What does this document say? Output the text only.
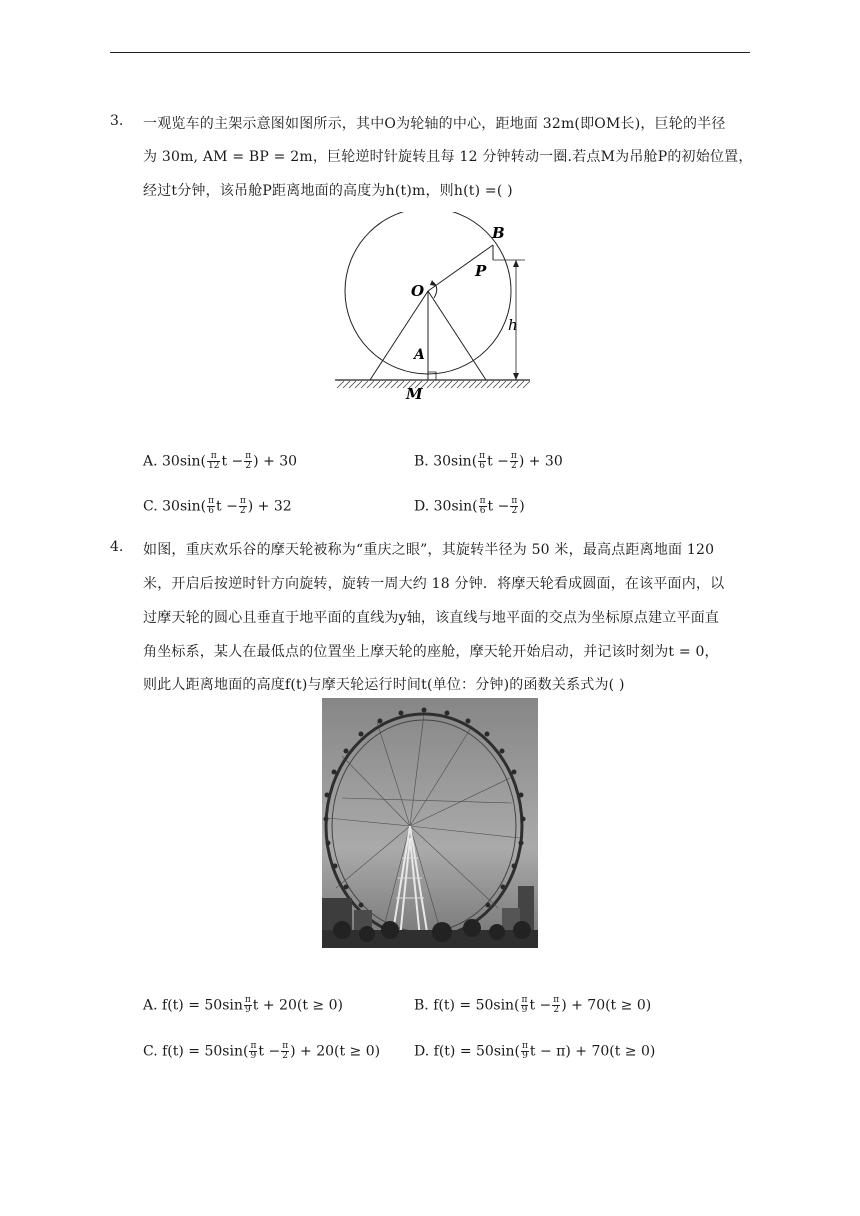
3. 一观览车的主架示意图如图所示，其中O为轮轴的中心，距地面 32m(即OM长)，巨轮的半径
为 30m, AM = BP = 2m，巨轮逆时针旋转且每 12 分钟转动一圈.若点M为吊舱P的初始位置，
经过t分钟，该吊舱P距离地面的高度为h(t)m，则h(t) =( )
B
P
O
h
A
M
A. $30\sin( \frac{\pi}{12}$ $t - \frac{\pi}{2}$ ) + 30	B. $30\sin( \frac{\pi}{6}$ $t - \frac{\pi}{2}$ ) + 30
C. $30\sin( \frac{\pi}{6}$ $t - \frac{\pi}{2}$ ) + 32	D. $30\sin( \frac{\pi}{6}$ $t - \frac{\pi}{2}$ )
4. 如图，重庆欢乐谷的摩天轮被称为“重庆之眼”，其旋转半径为 50 米，最高点距离地面 120
米，开启后按逆时针方向旋转，旋转一周大约 18 分钟．将摩天轮看成圆面，在该平面内，以
过摩天轮的圆心且垂直于地平面的直线为y轴，该直线与地平面的交点为坐标原点建立平面直
角坐标系，某人在最低点的位置坐上摩天轮的座舱，摩天轮开始启动，并记该时刻为t = 0，
则此人距离地面的高度f(t)与摩天轮运行时间t(单位：分钟)的函数关系式为( )
A. $f(t) = 50\sin \frac{\pi}{9}$ t + 20(t ≥ 0)	B. $f(t) = 50\sin( \frac{\pi}{9}$ $t - \frac{\pi}{2}$ ) + 70(t ≥ 0)
C. $f(t) = 50\sin( \frac{\pi}{9}$ $t - \frac{\pi}{2}$ ) + 20(t ≥ 0) D. $f(t) = 50\sin( \frac{\pi}{9}$ t − π) + 70(t ≥ 0)
